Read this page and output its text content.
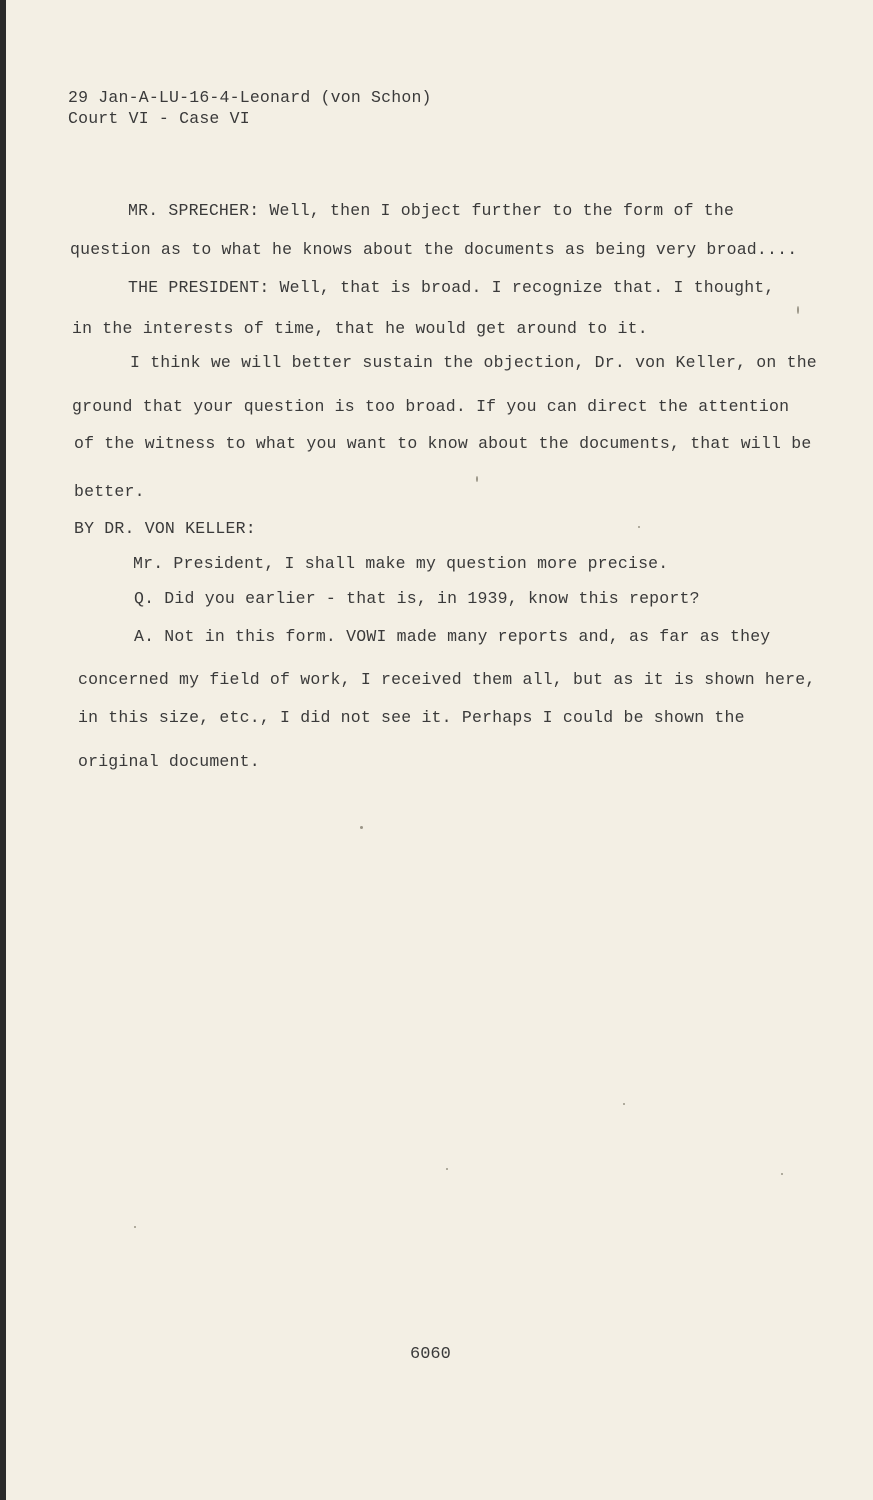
29 Jan-A-LU-16-4-Leonard (von Schon)
Court VI - Case VI
MR. SPRECHER: Well, then I object further to the form of the
question as to what he knows about the documents as being very broad....
THE PRESIDENT: Well, that is broad. I recognize that. I thought,
in the interests of time, that he would get around to it.
I think we will better sustain the objection, Dr. von Keller, on the
ground that your question is too broad. If you can direct the attention
of the witness to what you want to know about the documents, that will be
better.
BY DR. VON KELLER:
Mr. President, I shall make my question more precise.
Q. Did you earlier - that is, in 1939, know this report?
A. Not in this form. VOWI made many reports and, as far as they
concerned my field of work, I received them all, but as it is shown here,
in this size, etc., I did not see it. Perhaps I could be shown the
original document.
6060
